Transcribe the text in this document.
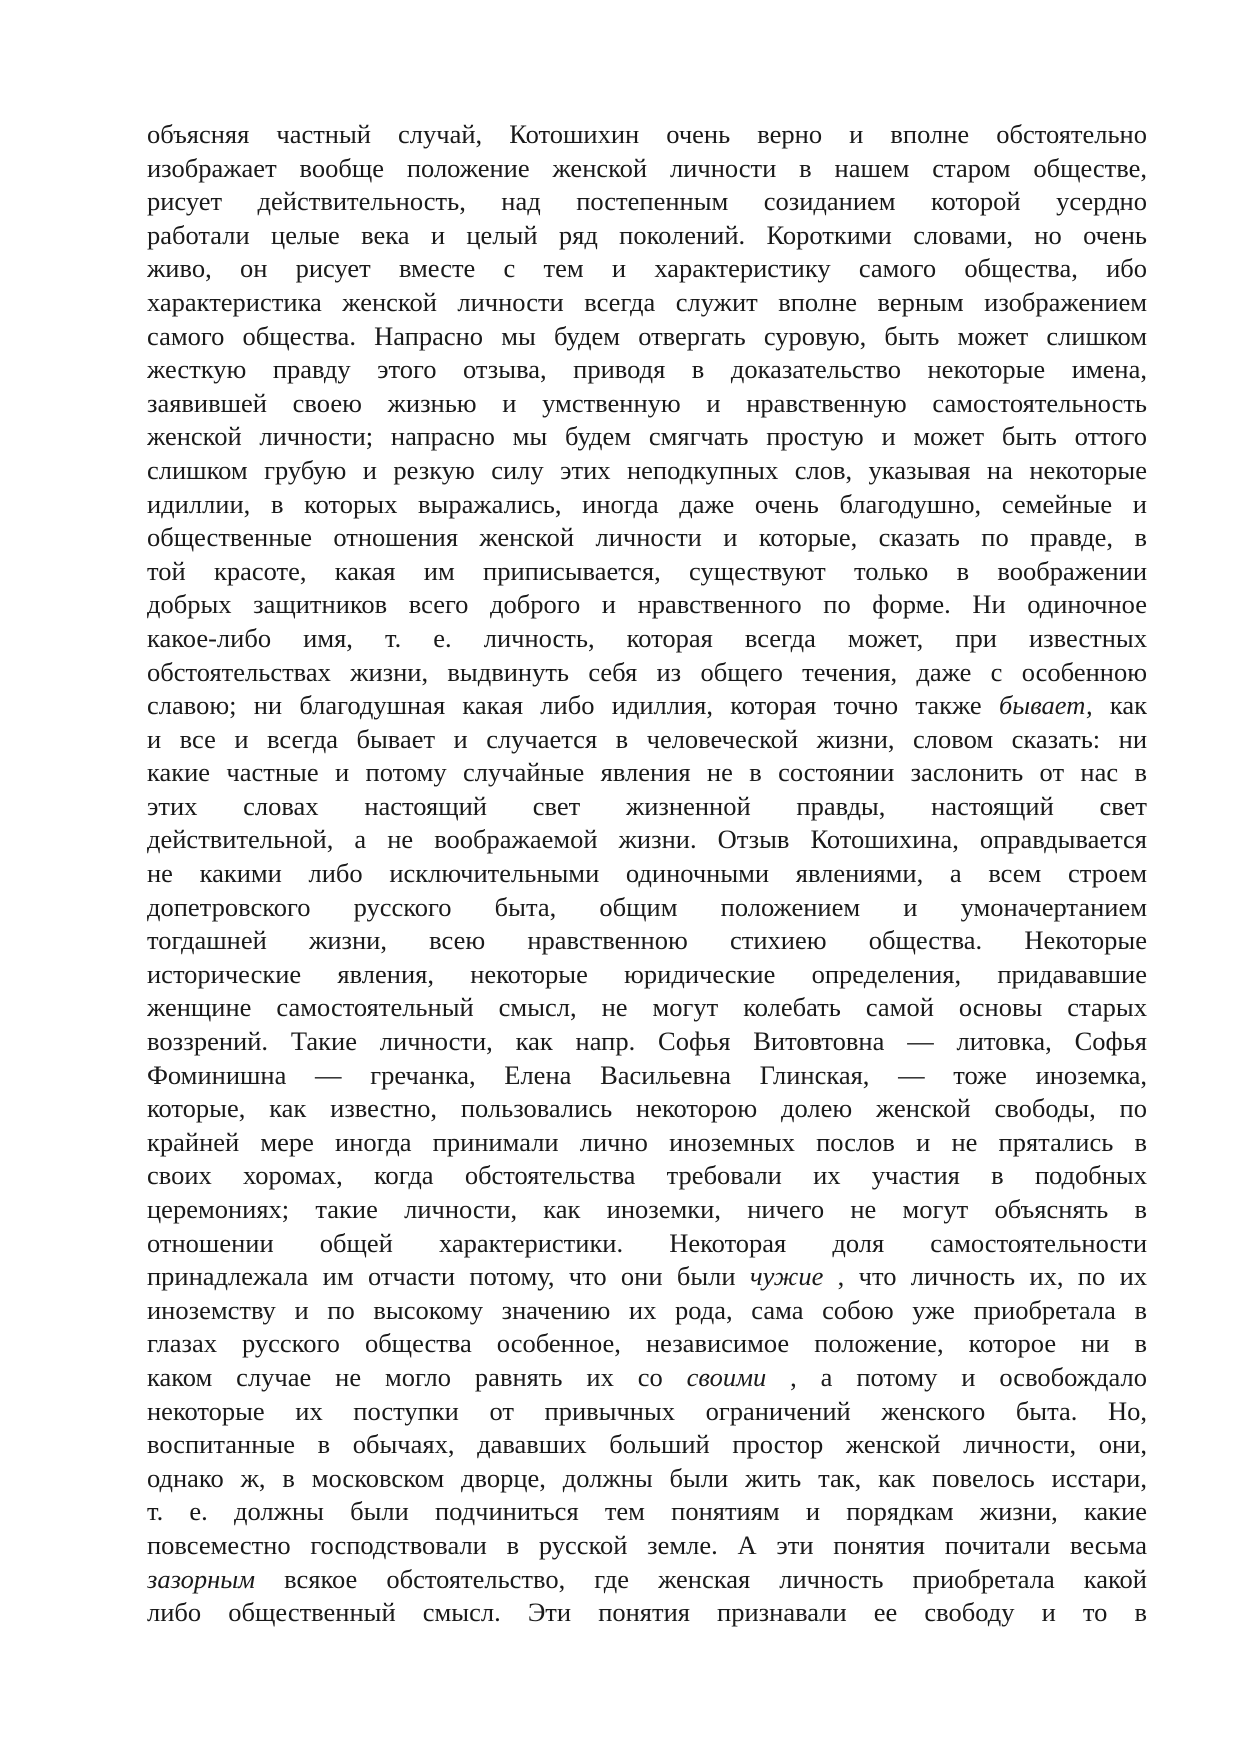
объясняя частный случай, Котошихин очень верно и вполне обстоятельно
изображает вообще положение женской личности в нашем старом обществе,
рисует действительность, над постепенным созиданием которой усердно
работали целые века и целый ряд поколений. Короткими словами, но очень
живо, он рисует вместе с тем и характеристику самого общества, ибо
характеристика женской личности всегда служит вполне верным изображением
самого общества. Напрасно мы будем отвергать суровую, быть может слишком
жесткую правду этого отзыва, приводя в доказательство некоторые имена,
заявившей своею жизнью и умственную и нравственную самостоятельность
женской личности; напрасно мы будем смягчать простую и может быть оттого
слишком грубую и резкую силу этих неподкупных слов, указывая на некоторые
идиллии, в которых выражались, иногда даже очень благодушно, семейные и
общественные отношения женской личности и которые, сказать по правде, в
той красоте, какая им приписывается, существуют только в воображении
добрых защитников всего доброго и нравственного по форме. Ни одиночное
какое-либо имя, т. е. личность, которая всегда может, при известных
обстоятельствах жизни, выдвинуть себя из общего течения, даже с особенною
славою; ни благодушная какая либо идиллия, которая точно также бывает, как
и все и всегда бывает и случается в человеческой жизни, словом сказать: ни
какие частные и потому случайные явления не в состоянии заслонить от нас в
этих словах настоящий свет жизненной правды, настоящий свет
действительной, а не воображаемой жизни. Отзыв Котошихина, оправдывается
не какими либо исключительными одиночными явлениями, а всем строем
допетровского русского быта, общим положением и умоначертанием
тогдашней жизни, всею нравственною стихиею общества. Некоторые
исторические явления, некоторые юридические определения, придававшие
женщине самостоятельный смысл, не могут колебать самой основы старых
воззрений. Такие личности, как напр. Софья Витовтовна — литовка, Софья
Фоминишна — гречанка, Елена Васильевна Глинская, — тоже иноземка,
которые, как известно, пользовались некоторою долею женской свободы, по
крайней мере иногда принимали лично иноземных послов и не прятались в
своих хоромах, когда обстоятельства требовали их участия в подобных
церемониях; такие личности, как иноземки, ничего не могут объяснять в
отношении общей характеристики. Некоторая доля самостоятельности
принадлежала им отчасти потому, что они были чужие , что личность их, по их
иноземству и по высокому значению их рода, сама собою уже приобретала в
глазах русского общества особенное, независимое положение, которое ни в
каком случае не могло равнять их со своими , а потому и освобождало
некоторые их поступки от привычных ограничений женского быта. Но,
воспитанные в обычаях, дававших больший простор женской личности, они,
однако ж, в московском дворце, должны были жить так, как повелось исстари,
т. е. должны были подчиниться тем понятиям и порядкам жизни, какие
повсеместно господствовали в русской земле. А эти понятия почитали весьма
зазорным всякое обстоятельство, где женская личность приобретала какой
либо общественный смысл. Эти понятия признавали ее свободу и то в
